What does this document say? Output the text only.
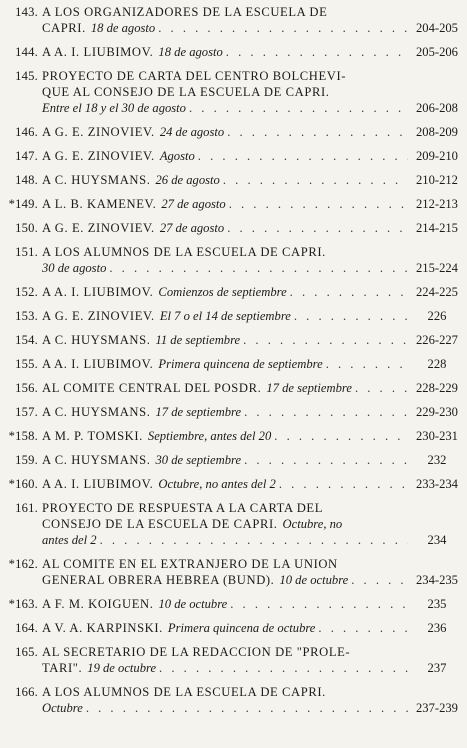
143. A LOS ORGANIZADORES DE LA ESCUELA DE
CAPRI. 18 de agosto . . .	204-205
144. A A. I. LIUBIMOV. 18 de agosto . . .	205-206
145. PROYECTO DE CARTA DEL CENTRO BOLCHEVI-
QUE AL CONSEJO DE LA ESCUELA DE CAPRI.
Entre el 18 y el 30 de agosto . . .	206-208
146. A G. E. ZINOVIEV. 24 de agosto . . .	208-209
147. A G. E. ZINOVIEV. Agosto . . .	209-210
148. A C. HUYSMANS. 26 de agosto . . .	210-212
*149. A L. B. KAMENEV. 27 de agosto . . .	212-213
150. A G. E. ZINOVIEV. 27 de agosto . . .	214-215
151. A LOS ALUMNOS DE LA ESCUELA DE CAPRI.
30 de agosto . . .	215-224
152. A A. I. LIUBIMOV. Comienzos de septiembre . . .	224-225
153. A G. E. ZINOVIEV. El 7 o el 14 de septiembre . . .	226
154. A C. HUYSMANS. 11 de septiembre . . .	226-227
155. A A. I. LIUBIMOV. Primera quincena de septiembre . . .	228
156. AL COMITE CENTRAL DEL POSDR. 17 de septiembre . . .	228-229
157. A C. HUYSMANS. 17 de septiembre . . .	229-230
*158. A M. P. TOMSKI. Septiembre, antes del 20 . . .	230-231
159. A C. HUYSMANS. 30 de septiembre . . .	232
*160. A A. I. LIUBIMOV. Octubre, no antes del 2 . . .	233-234
161. PROYECTO DE RESPUESTA A LA CARTA DEL
CONSEJO DE LA ESCUELA DE CAPRI. Octubre, no
antes del 2 . . .	234
*162. AL COMITE EN EL EXTRANJERO DE LA UNION
GENERAL OBRERA HEBREA (BUND). 10 de octubre . . .	234-235
*163. A F. M. KOIGUEN. 10 de octubre . . .	235
164. A V. A. KARPINSKI. Primera quincena de octubre . . .	236
165. AL SECRETARIO DE LA REDACCION DE "PROLE-
TARI". 19 de octubre . . .	237
166. A LOS ALUMNOS DE LA ESCUELA DE CAPRI.
Octubre . . .	237-239
